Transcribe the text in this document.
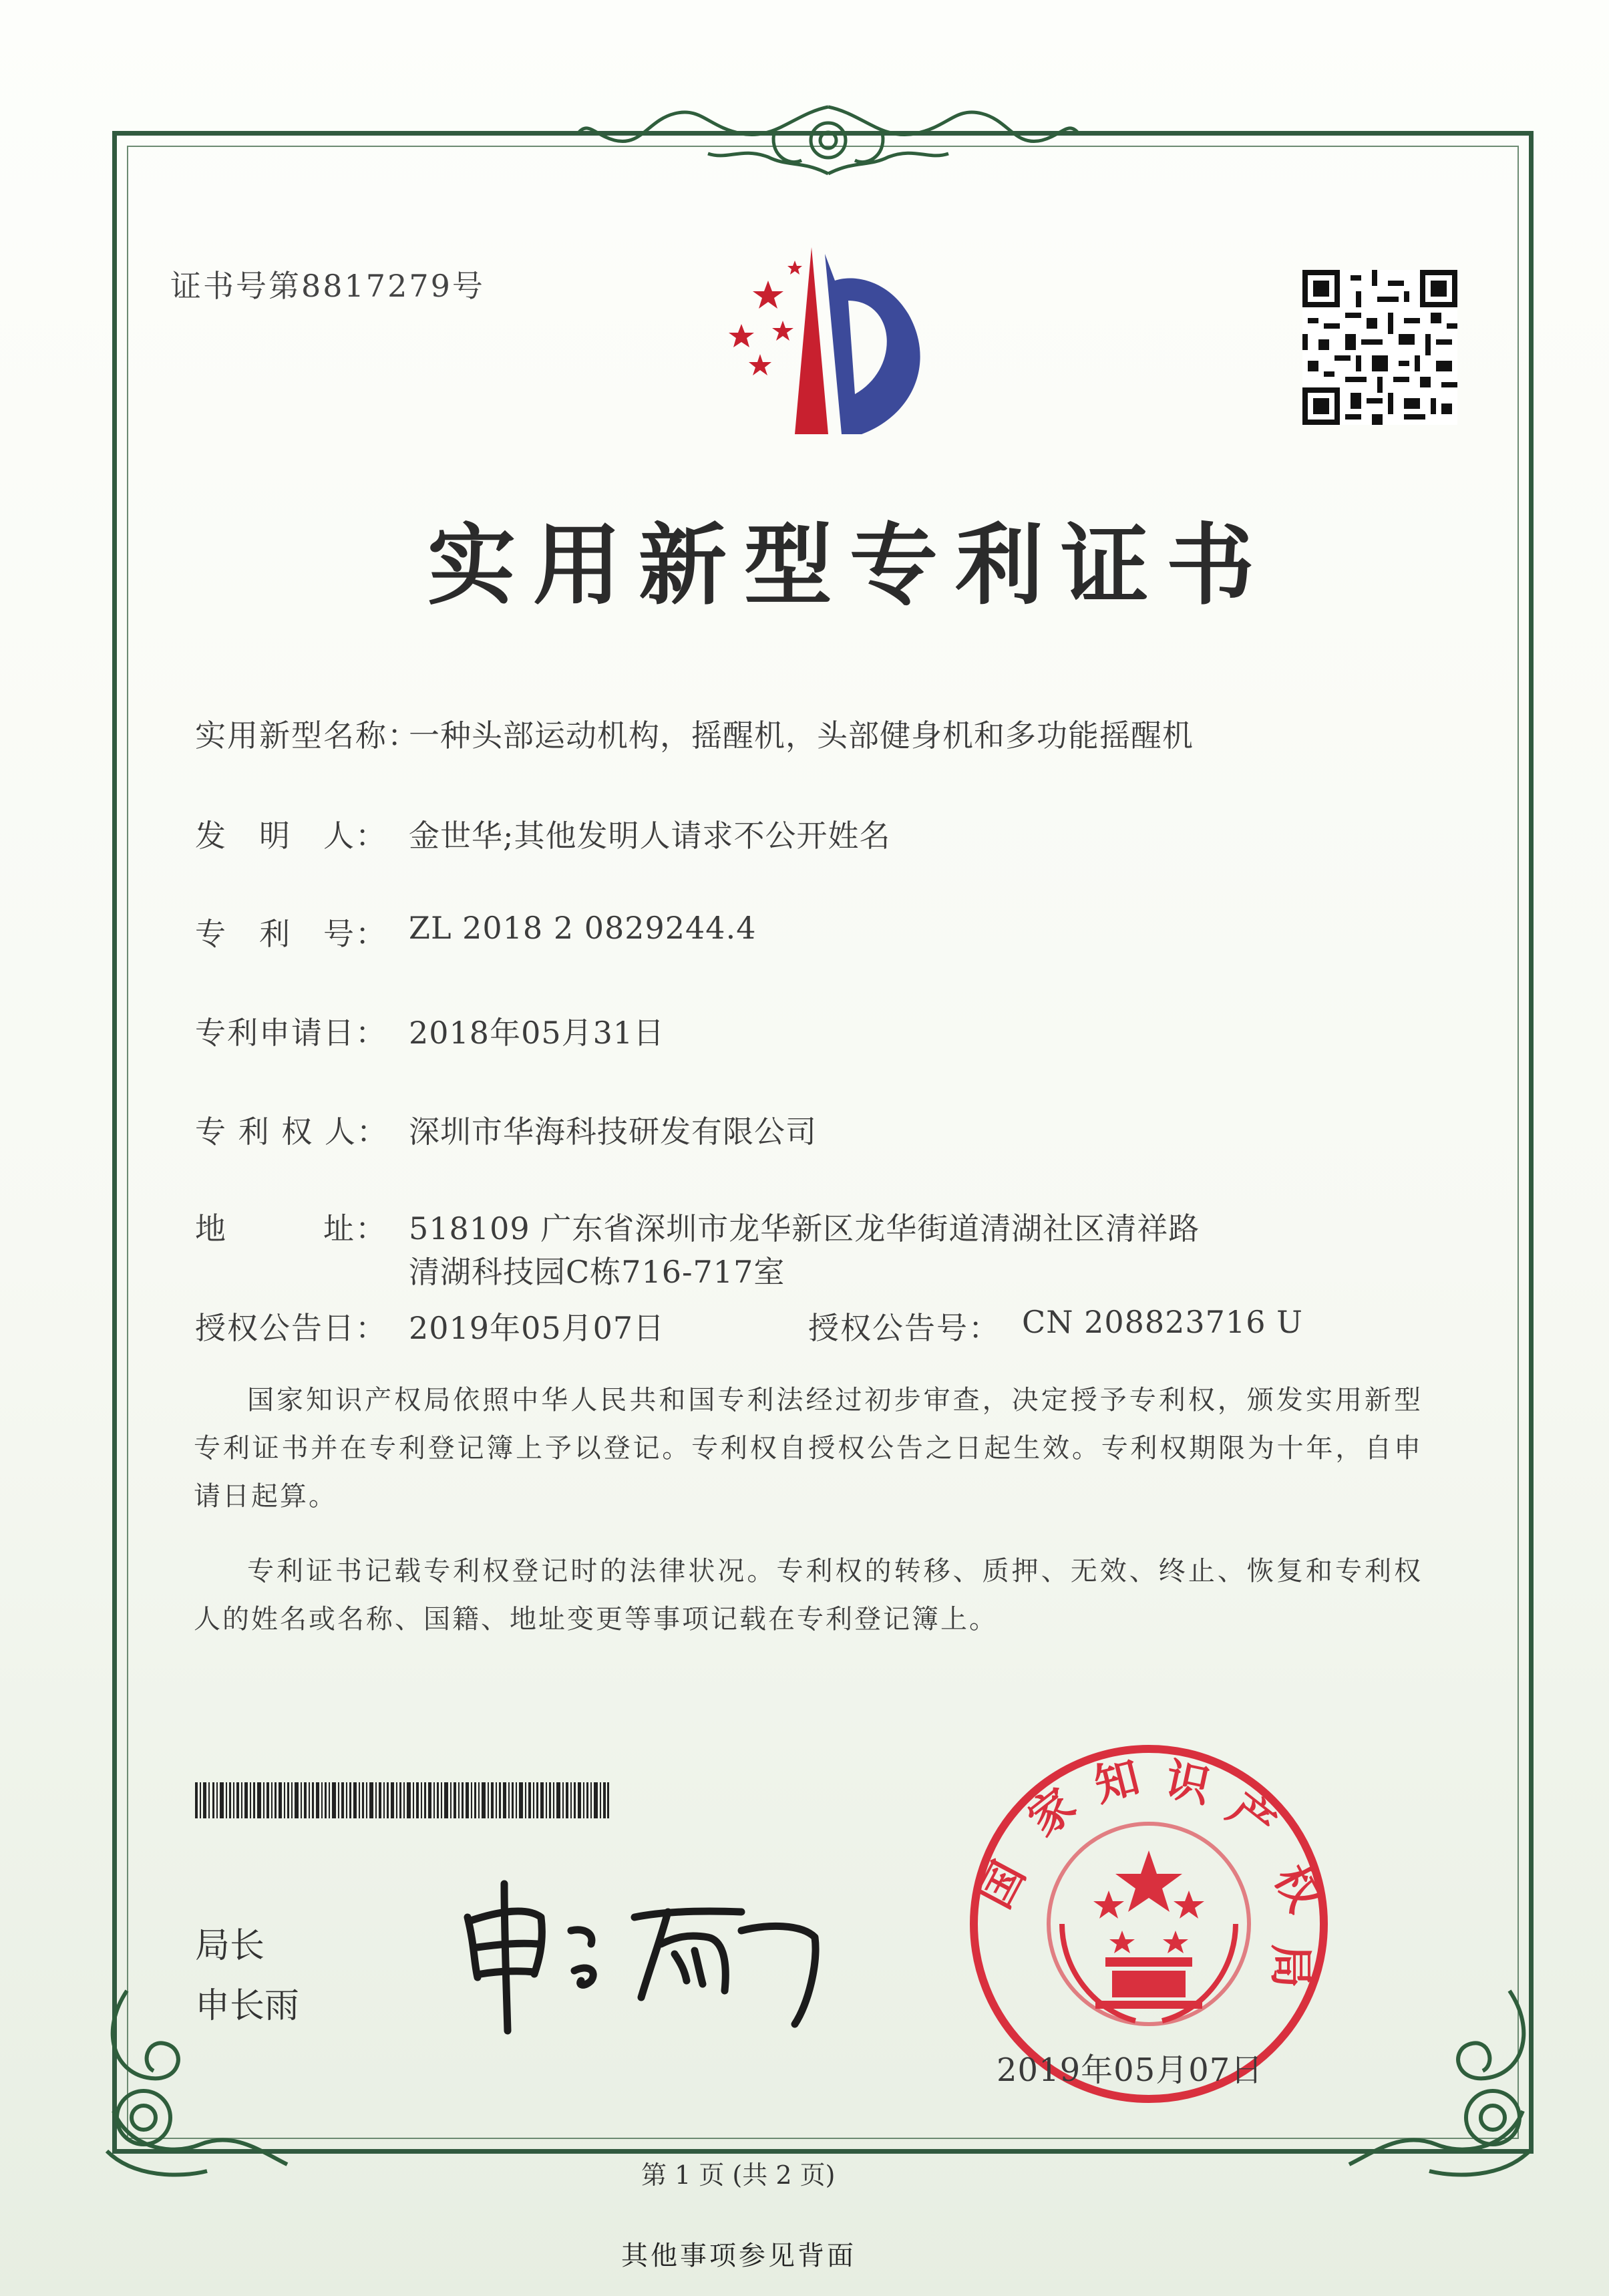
证书号第8817279号
实用新型专利证书
实用新型名称：
一种头部运动机构，摇醒机，头部健身机和多功能摇醒机
发　明　人： 金世华;其他发明人请求不公开姓名
专　利　号： ZL 2018 2 0829244.4
专利申请日： 2018年05月31日
专 利 权 人： 深圳市华海科技研发有限公司
地　　　址： 518109 广东省深圳市龙华新区龙华街道清湖社区清祥路
清湖科技园C栋716-717室
授权公告日： 2019年05月07日	授权公告号： CN 208823716 U

国家知识产权局依照中华人民共和国专利法经过初步审查，决定授予专利权，颁发实用新型专利证书并在专利登记簿上予以登记。专利权自授权公告之日起生效。专利权期限为十年，自申请日起算。

专利证书记载专利权登记时的法律状况。专利权的转移、质押、无效、终止、恢复和专利权人的姓名或名称、国籍、地址变更等事项记载在专利登记簿上。

局长
申长雨
国
家 知 识
产
权
局
2019年05月07日
第 1 页 (共 2 页)
其他事项参见背面
